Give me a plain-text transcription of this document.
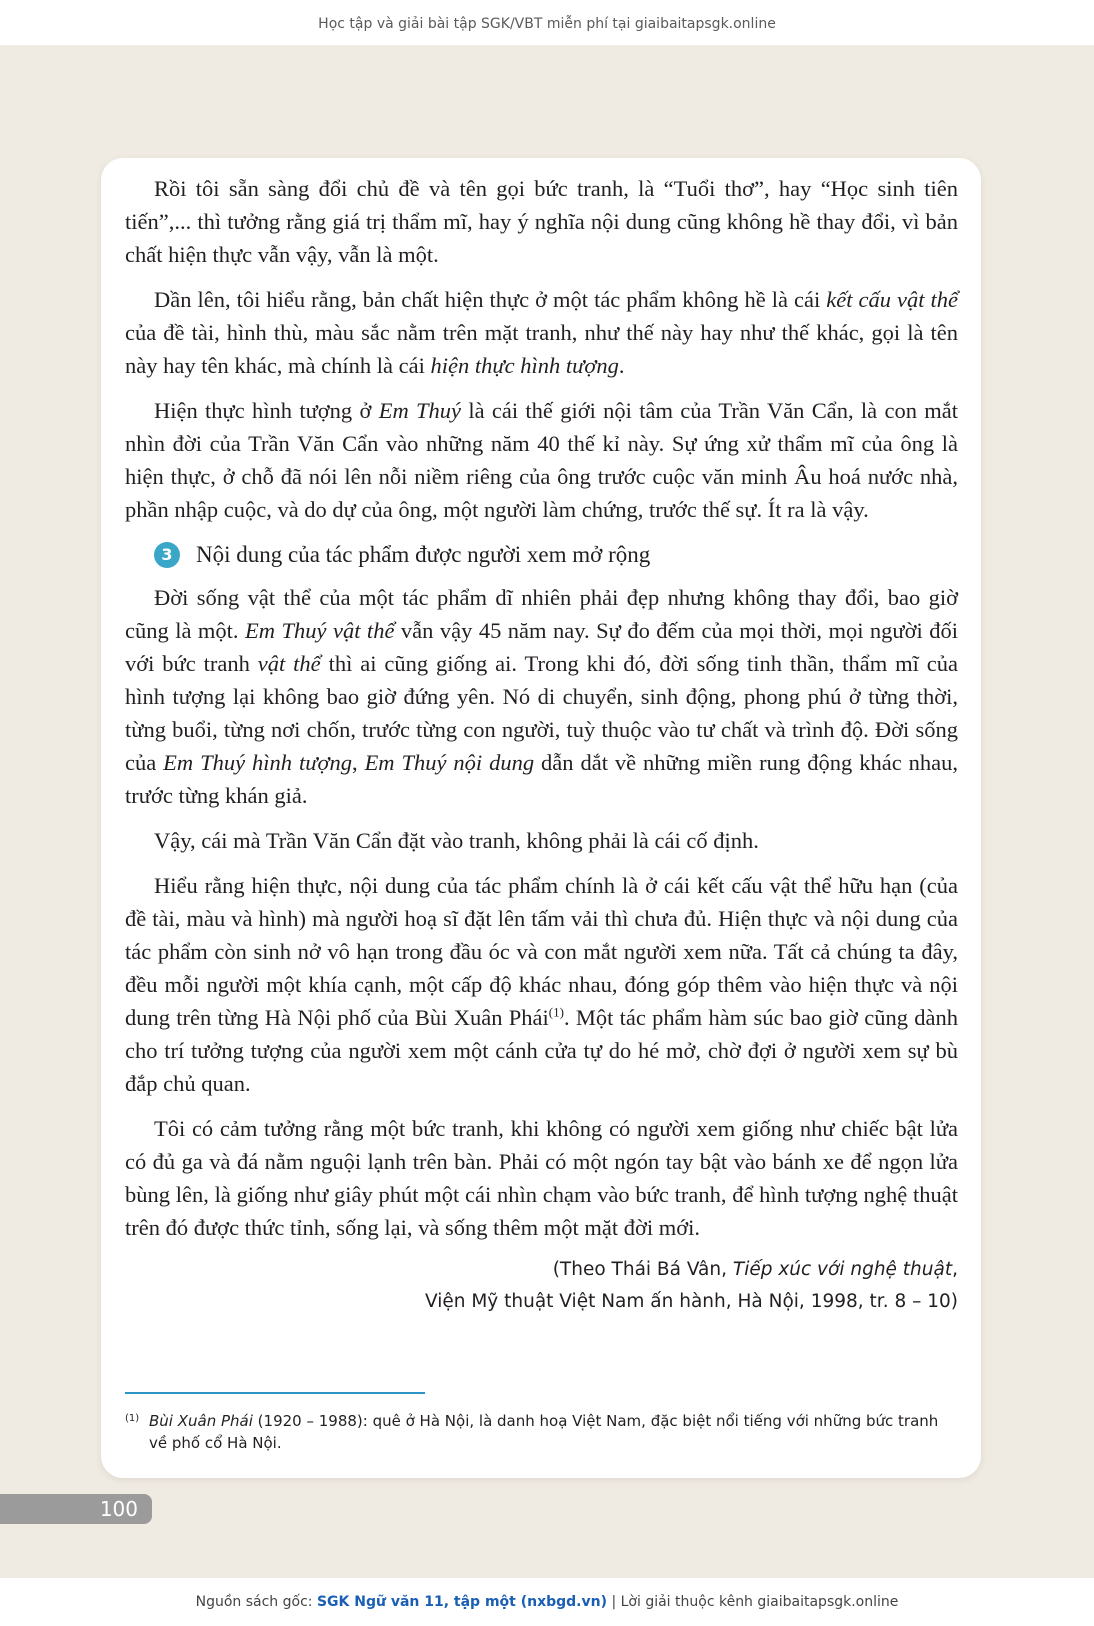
Học tập và giải bài tập SGK/VBT miễn phí tại giaibaitapsgk.online

Rồi tôi sẵn sàng đổi chủ đề và tên gọi bức tranh, là “Tuổi thơ”, hay “Học sinh tiên tiến”,... thì tưởng rằng giá trị thẩm mĩ, hay ý nghĩa nội dung cũng không hề thay đổi, vì bản chất hiện thực vẫn vậy, vẫn là một.

Dần lên, tôi hiểu rằng, bản chất hiện thực ở một tác phẩm không hề là cái kết cấu vật thể của đề tài, hình thù, màu sắc nằm trên mặt tranh, như thế này hay như thế khác, gọi là tên này hay tên khác, mà chính là cái hiện thực hình tượng.

Hiện thực hình tượng ở Em Thuý là cái thế giới nội tâm của Trần Văn Cẩn, là con mắt nhìn đời của Trần Văn Cẩn vào những năm 40 thế kỉ này. Sự ứng xử thẩm mĩ của ông là hiện thực, ở chỗ đã nói lên nỗi niềm riêng của ông trước cuộc văn minh Âu hoá nước nhà, phần nhập cuộc, và do dự của ông, một người làm chứng, trước thế sự. Ít ra là vậy.

3	Nội dung của tác phẩm được người xem mở rộng

Đời sống vật thể của một tác phẩm dĩ nhiên phải đẹp nhưng không thay đổi, bao giờ cũng là một. Em Thuý vật thể vẫn vậy 45 năm nay. Sự đo đếm của mọi thời, mọi người đối với bức tranh vật thể thì ai cũng giống ai. Trong khi đó, đời sống tinh thần, thẩm mĩ của hình tượng lại không bao giờ đứng yên. Nó di chuyển, sinh động, phong phú ở từng thời, từng buổi, từng nơi chốn, trước từng con người, tuỳ thuộc vào tư chất và trình độ. Đời sống của Em Thuý hình tượng, Em Thuý nội dung dẫn dắt về những miền rung động khác nhau, trước từng khán giả.

Vậy, cái mà Trần Văn Cẩn đặt vào tranh, không phải là cái cố định.

Hiểu rằng hiện thực, nội dung của tác phẩm chính là ở cái kết cấu vật thể hữu hạn (của đề tài, màu và hình) mà người hoạ sĩ đặt lên tấm vải thì chưa đủ. Hiện thực và nội dung của tác phẩm còn sinh nở vô hạn trong đầu óc và con mắt người xem nữa. Tất cả chúng ta đây, đều mỗi người một khía cạnh, một cấp độ khác nhau, đóng góp thêm vào hiện thực và nội dung trên từng Hà Nội phố của Bùi Xuân Phái$^{(1)}$. Một tác phẩm hàm súc bao giờ cũng dành cho trí tưởng tượng của người xem một cánh cửa tự do hé mở, chờ đợi ở người xem sự bù đắp chủ quan.

Tôi có cảm tưởng rằng một bức tranh, khi không có người xem giống như chiếc bật lửa có đủ ga và đá nằm nguội lạnh trên bàn. Phải có một ngón tay bật vào bánh xe để ngọn lửa bùng lên, là giống như giây phút một cái nhìn chạm vào bức tranh, để hình tượng nghệ thuật trên đó được thức tỉnh, sống lại, và sống thêm một mặt đời mới.

(Theo Thái Bá Vân, Tiếp xúc với nghệ thuật,
Viện Mỹ thuật Việt Nam ấn hành, Hà Nội, 1998, tr. 8 – 10)
(1) Bùi Xuân Phái (1920 – 1988): quê ở Hà Nội, là danh hoạ Việt Nam, đặc biệt nổi tiếng với những bức tranh về phố cổ Hà Nội.
100
Nguồn sách gốc: SGK Ngữ văn 11, tập một (nxbgd.vn) | Lời giải thuộc kênh giaibaitapsgk.online
